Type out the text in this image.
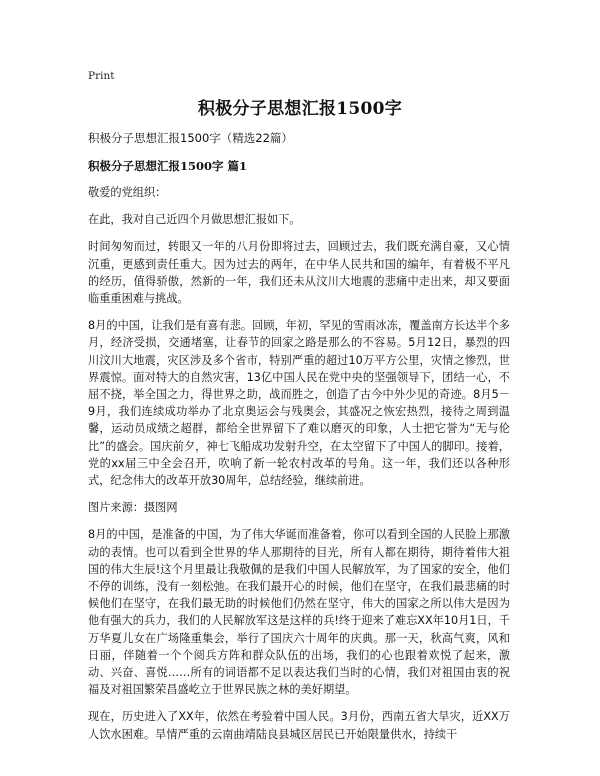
Print
积极分子思想汇报1500字

积极分子思想汇报1500字（精选22篇）

积极分子思想汇报1500字 篇1

敬爱的党组织：

在此，我对自己近四个月做思想汇报如下。

时间匆匆而过，转眼又一年的八月份即将过去，回顾过去，我们既充满自豪，又心情沉重，更感到责任重大。因为过去的两年，在中华人民共和国的编年，有着极不平凡的经历，值得骄傲，然新的一年，我们还未从汶川大地震的悲痛中走出来，却又要面临重重困难与挑战。

8月的中国，让我们是有喜有悲。回顾，年初，罕见的雪雨冰冻，覆盖南方长达半个多月，经济受损，交通堵塞，让春节的回家之路是那么的不容易。5月12日，暴烈的四川汶川大地震，灾区涉及多个省市，特别严重的超过10万平方公里，灾情之惨烈，世界震惊。面对特大的自然灾害，13亿中国人民在党中央的坚强领导下，团结一心，不屈不挠，举全国之力，得世界之助，战而胜之，创造了古今中外少见的奇迹。8月5－9月，我们连续成功举办了北京奥运会与残奥会，其盛况之恢宏热烈，接待之周到温馨，运动员成绩之超群，都给全世界留下了难以磨灭的印象，人士把它誉为“无与伦比”的盛会。国庆前夕，神七飞船成功发射升空，在太空留下了中国人的脚印。接着，党的xx届三中全会召开，吹响了新一轮农村改革的号角。这一年，我们还以各种形式，纪念伟大的改革开放30周年，总结经验，继续前进。

图片来源：摄图网

8月的中国，是准备的中国，为了伟大华诞而准备着，你可以看到全国的人民脸上那激动的表情。也可以看到全世界的华人那期待的目光，所有人都在期待，期待着伟大祖国的伟大生辰!这个月里最让我敬佩的是我们中国人民解放军，为了国家的安全，他们不停的训练，没有一刻松弛。在我们最开心的时候，他们在坚守，在我们最悲痛的时候他们在坚守，在我们最无助的时候他们仍然在坚守，伟大的国家之所以伟大是因为他有强大的兵力，我们的人民解放军这是这样的兵!终于迎来了难忘XX年10月1日，千万华夏儿女在广场隆重集会，举行了国庆六十周年的庆典。那一天，秋高气爽，风和日丽，伴随着一个个阅兵方阵和群众队伍的出场，我们的心也跟着欢悦了起来，激动、兴奋、喜悦……所有的词语都不足以表达我们当时的心情，我们对祖国由衷的祝福及对祖国繁荣昌盛屹立于世界民族之林的美好期望。

现在，历史进入了XX年，依然在考验着中国人民。3月份，西南五省大旱灾，近XX万人饮水困难。旱情严重的云南曲靖陆良县城区居民已开始限量供水，持续干
